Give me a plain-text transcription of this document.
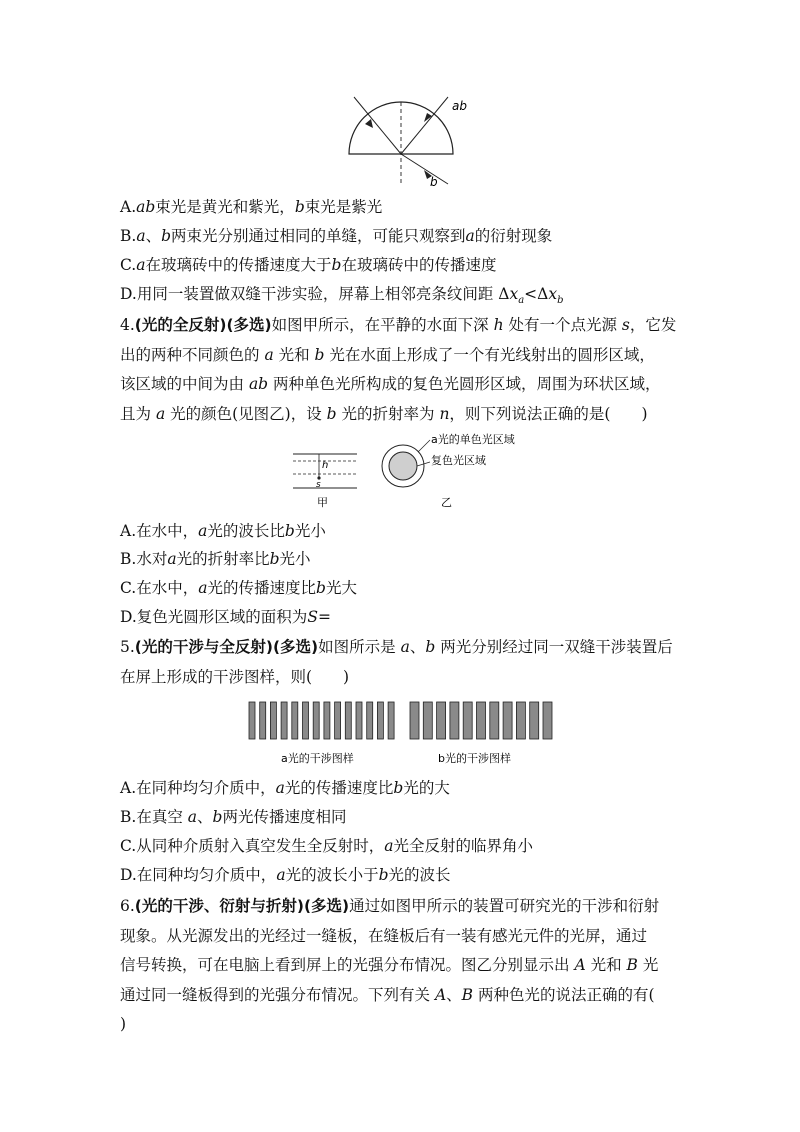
ab
b
A.ab束光是黄光和紫光，b束光是紫光
B.a、b两束光分别通过相同的单缝，可能只观察到a的衍射现象
C.a在玻璃砖中的传播速度大于b在玻璃砖中的传播速度
D.用同一装置做双缝干涉实验，屏幕上相邻亮条纹间距 $\Delta x_a<\Delta x_b$
4.(光的全反射)(多选)如图甲所示，在平静的水面下深 h 处有一个点光源 s，它发
出的两种不同颜色的 a 光和 b 光在水面上形成了一个有光线射出的圆形区域，
该区域的中间为由 ab 两种单色光所构成的复色光圆形区域，周围为环状区域，
且为 a 光的颜色(见图乙)，设 b 光的折射率为 n，则下列说法正确的是(　　)
h
s
甲
a光的单色光区域
复色光区域
乙
A.在水中，a光的波长比b光小
B.水对a光的折射率比b光小
C.在水中，a光的传播速度比b光大
D.复色光圆形区域的面积为S=
5.(光的干涉与全反射)(多选)如图所示是 a、b 两光分别经过同一双缝干涉装置后
在屏上形成的干涉图样，则(　　)
a光的干涉图样	b光的干涉图样
A.在同种均匀介质中，a光的传播速度比b光的大
B.在真空 a、b两光传播速度相同
C.从同种介质射入真空发生全反射时，a光全反射的临界角小
D.在同种均匀介质中，a光的波长小于b光的波长
6.(光的干涉、衍射与折射)(多选)通过如图甲所示的装置可研究光的干涉和衍射
现象。从光源发出的光经过一缝板，在缝板后有一装有感光元件的光屏，通过
信号转换，可在电脑上看到屏上的光强分布情况。图乙分别显示出 A 光和 B 光
通过同一缝板得到的光强分布情况。下列有关 A、B 两种色光的说法正确的有(
)
